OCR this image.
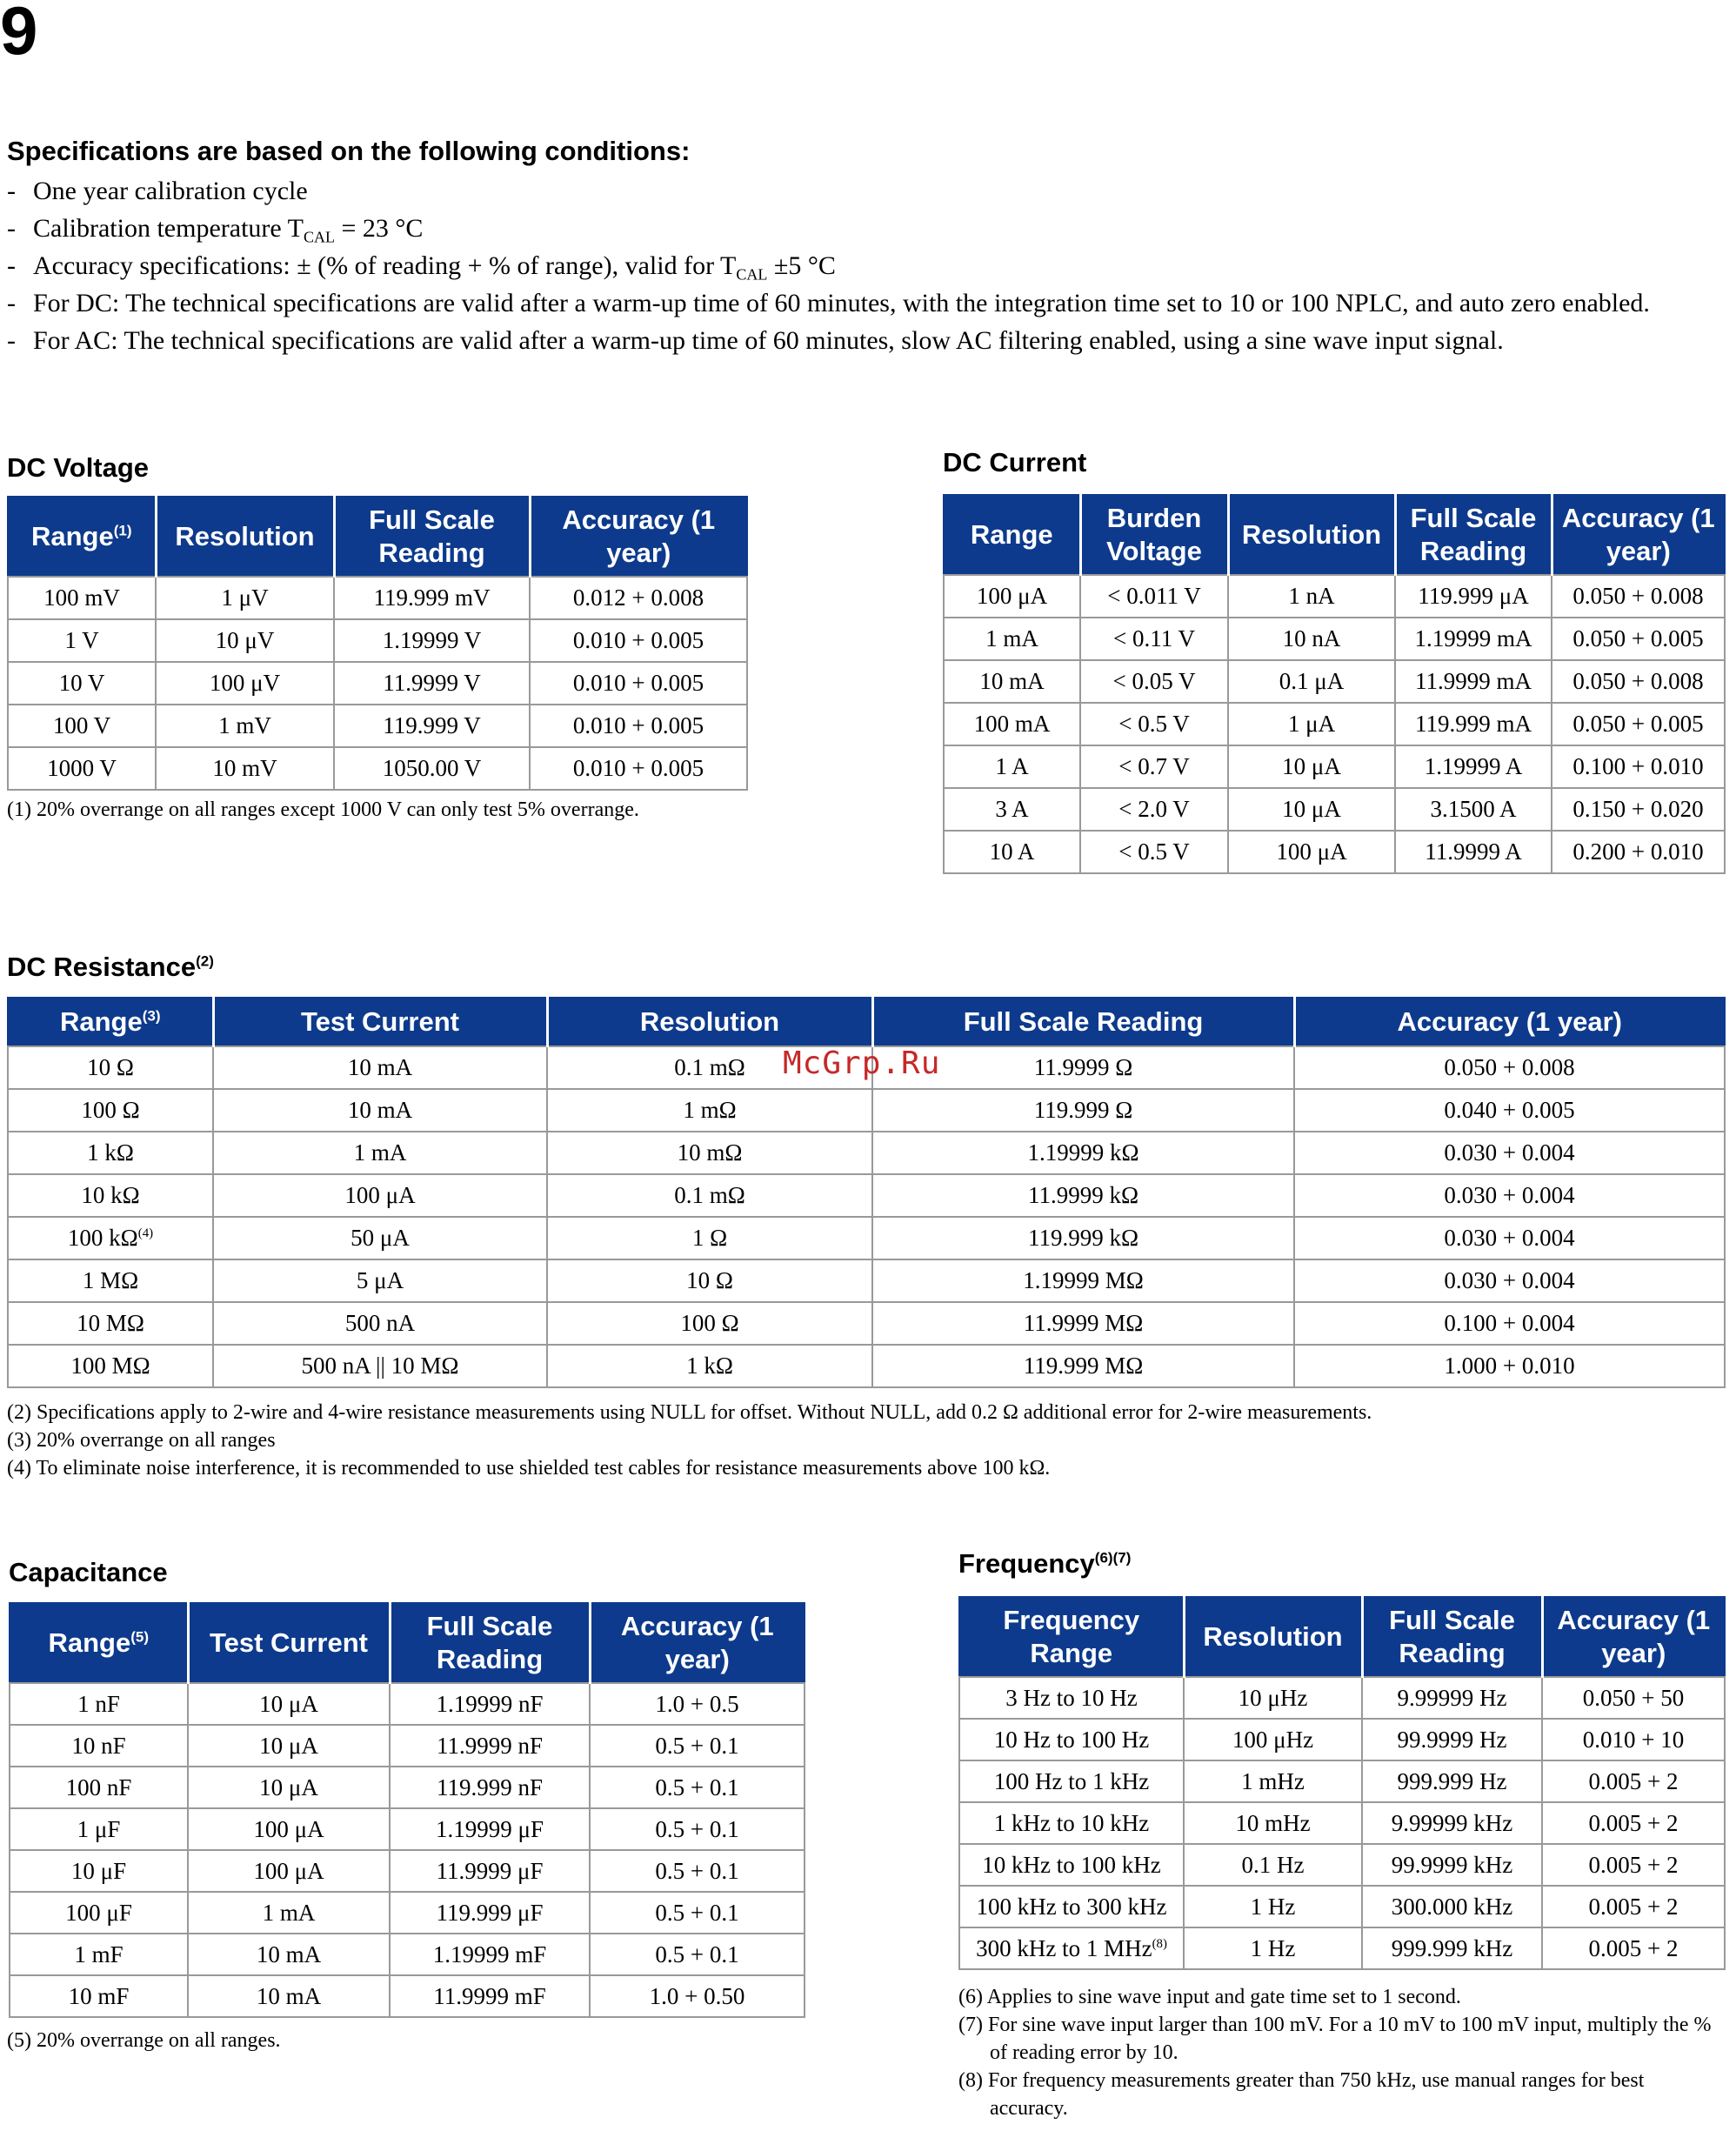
9
Specifications are based on the following conditions:
- One year calibration cycle
- Calibration temperature $T_{CAL} = 23$ °C
- Accuracy specifications: ± (% of reading + % of range), valid for $T_{CAL} \pm 5$ °C
- For DC: The technical specifications are valid after a warm-up time of 60 minutes, with the integration time set to 10 or 100 NPLC, and auto zero enabled.
- For AC: The technical specifications are valid after a warm-up time of 60 minutes, slow AC filtering enabled, using a sine wave input signal.
DC Voltage
Range$^{(1)}$	Resolution	Full Scale Reading	Accuracy (1 year)
100 mV	1 μV	119.999 mV	0.012 + 0.008
1 V	10 μV	1.19999 V	0.010 + 0.005
10 V	100 μV	11.9999 V	0.010 + 0.005
100 V	1 mV	119.999 V	0.010 + 0.005
1000 V	10 mV	1050.00 V	0.010 + 0.005

(1) 20% overrange on all ranges except 1000 V can only test 5% overrange.

DC Current
Range	Burden Voltage	Resolution	Full Scale Reading	Accuracy (1 year)
100 μA	< 0.011 V	1 nA	119.999 μA	0.050 + 0.008
1 mA	< 0.11 V	10 nA	1.19999 mA	0.050 + 0.005
10 mA	< 0.05 V	0.1 μA	11.9999 mA	0.050 + 0.008
100 mA	< 0.5 V	1 μA	119.999 mA	0.050 + 0.005
1 A	< 0.7 V	10 μA	1.19999 A	0.100 + 0.010
3 A	< 2.0 V	10 μA	3.1500 A	0.150 + 0.020
10 A	< 0.5 V	100 μA	11.9999 A	0.200 + 0.010
DC Resistance$^{(2)}$
Range$^{(3)}$	Test Current	Resolution	Full Scale Reading	Accuracy (1 year)
10 Ω	10 mA	0.1 mΩ	11.9999 Ω	0.050 + 0.008
100 Ω	10 mA	1 mΩ	119.999 Ω	0.040 + 0.005
1 kΩ	1 mA	10 mΩ	1.19999 kΩ	0.030 + 0.004
10 kΩ	100 μA	0.1 mΩ	11.9999 kΩ	0.030 + 0.004
100 $k\Omega^{(4)}$	50 μA	1 Ω	119.999 kΩ	0.030 + 0.004
1 MΩ	5 μA	10 Ω	1.19999 MΩ	0.030 + 0.004
10 MΩ	500 nA	100 Ω	11.9999 MΩ	0.100 + 0.004
100 MΩ	500 nA || 10 MΩ	1 kΩ	119.999 MΩ	1.000 + 0.010

(2) Specifications apply to 2-wire and 4-wire resistance measurements using NULL for offset. Without NULL, add 0.2 Ω additional error for 2-wire measurements.

(3) 20% overrange on all ranges

(4) To eliminate noise interference, it is recommended to use shielded test cables for resistance measurements above 100 kΩ.

McGrp.Ru
Capacitance
Range$^{(5)}$	Test Current	Full Scale Reading	Accuracy (1 year)
1 nF	10 μA	1.19999 nF	1.0 + 0.5
10 nF	10 μA	11.9999 nF	0.5 + 0.1
100 nF	10 μA	119.999 nF	0.5 + 0.1
1 μF	100 μA	1.19999 μF	0.5 + 0.1
10 μF	100 μA	11.9999 μF	0.5 + 0.1
100 μF	1 mA	119.999 μF	0.5 + 0.1
1 mF	10 mA	1.19999 mF	0.5 + 0.1
10 mF	10 mA	11.9999 mF	1.0 + 0.50

(5) 20% overrange on all ranges.

Frequency$^{(6)(7)}$
Frequency Range	Resolution	Full Scale Reading	Accuracy (1 year)
3 Hz to 10 Hz	10 μHz	9.99999 Hz	0.050 + 50
10 Hz to 100 Hz	100 μHz	99.9999 Hz	0.010 + 10
100 Hz to 1 kHz	1 mHz	999.999 Hz	0.005 + 2
1 kHz to 10 kHz	10 mHz	9.99999 kHz	0.005 + 2
10 kHz to 100 kHz	0.1 Hz	99.9999 kHz	0.005 + 2
100 kHz to 300 kHz	1 Hz	300.000 kHz	0.005 + 2
300 kHz to 1 MHz$^{(8)}$	1 Hz	999.999 kHz	0.005 + 2

(6) Applies to sine wave input and gate time set to 1 second.

(7) For sine wave input larger than 100 mV. For a 10 mV to 100 mV input, multiply the % of reading error by 10.

(8) For frequency measurements greater than 750 kHz, use manual ranges for best accuracy.
